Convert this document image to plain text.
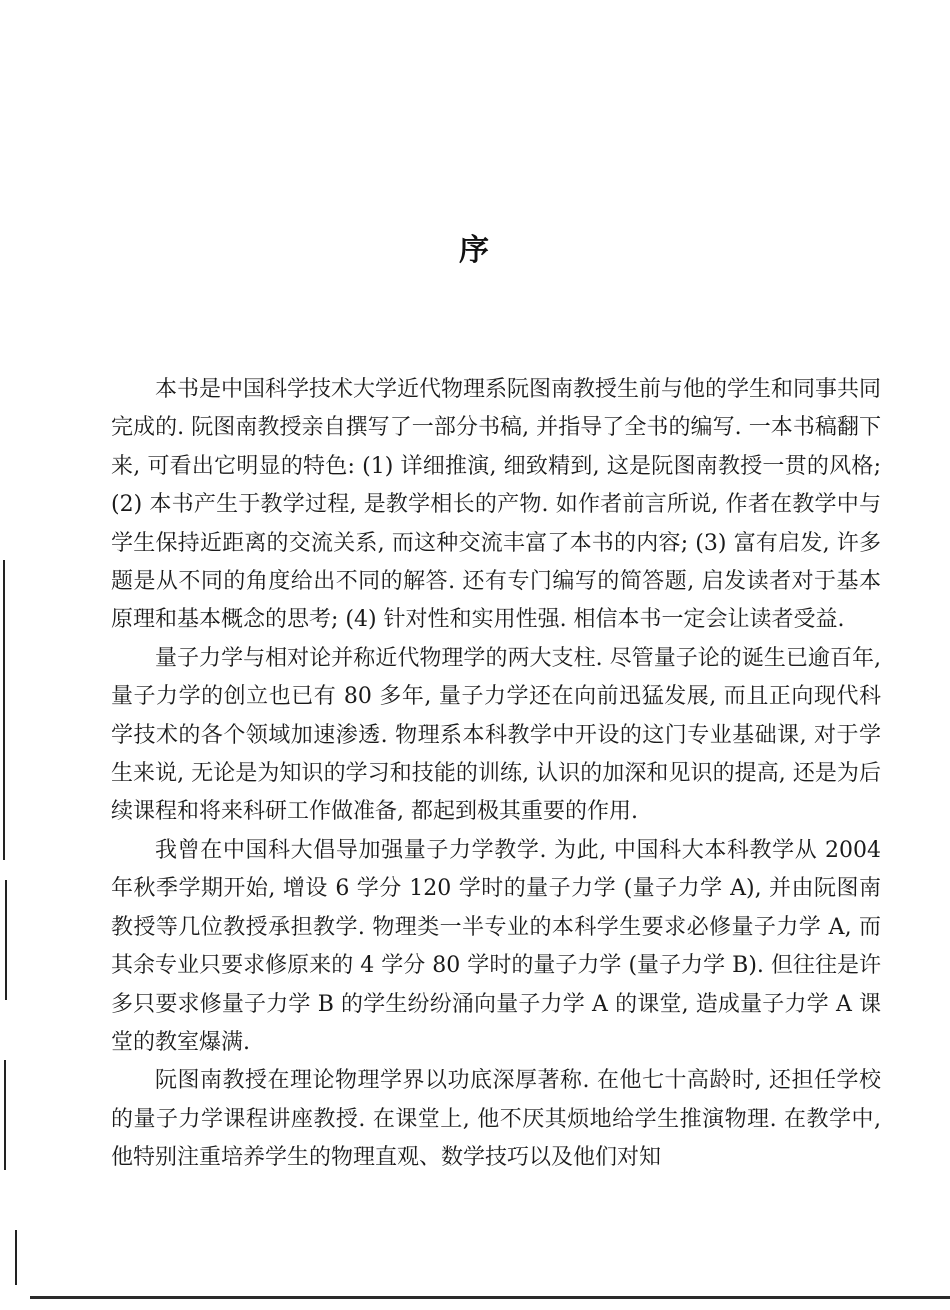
序

本书是中国科学技术大学近代物理系阮图南教授生前与他的学生和同事共同完成的. 阮图南教授亲自撰写了一部分书稿, 并指导了全书的编写. 一本书稿翻下来, 可看出它明显的特色: (1) 详细推演, 细致精到, 这是阮图南教授一贯的风格; (2) 本书产生于教学过程, 是教学相长的产物. 如作者前言所说, 作者在教学中与学生保持近距离的交流关系, 而这种交流丰富了本书的内容; (3) 富有启发, 许多题是从不同的角度给出不同的解答. 还有专门编写的简答题, 启发读者对于基本原理和基本概念的思考; (4) 针对性和实用性强. 相信本书一定会让读者受益.

量子力学与相对论并称近代物理学的两大支柱. 尽管量子论的诞生已逾百年, 量子力学的创立也已有 80 多年, 量子力学还在向前迅猛发展, 而且正向现代科学技术的各个领域加速渗透. 物理系本科教学中开设的这门专业基础课, 对于学生来说, 无论是为知识的学习和技能的训练, 认识的加深和见识的提高, 还是为后续课程和将来科研工作做准备, 都起到极其重要的作用.

我曾在中国科大倡导加强量子力学教学. 为此, 中国科大本科教学从 2004 年秋季学期开始, 增设 6 学分 120 学时的量子力学 (量子力学 A), 并由阮图南教授等几位教授承担教学. 物理类一半专业的本科学生要求必修量子力学 A, 而其余专业只要求修原来的 4 学分 80 学时的量子力学 (量子力学 B). 但往往是许多只要求修量子力学 B 的学生纷纷涌向量子力学 A 的课堂, 造成量子力学 A 课堂的教室爆满.

阮图南教授在理论物理学界以功底深厚著称. 在他七十高龄时, 还担任学校的量子力学课程讲座教授. 在课堂上, 他不厌其烦地给学生推演物理. 在教学中, 他特别注重培养学生的物理直观、数学技巧以及他们对知
